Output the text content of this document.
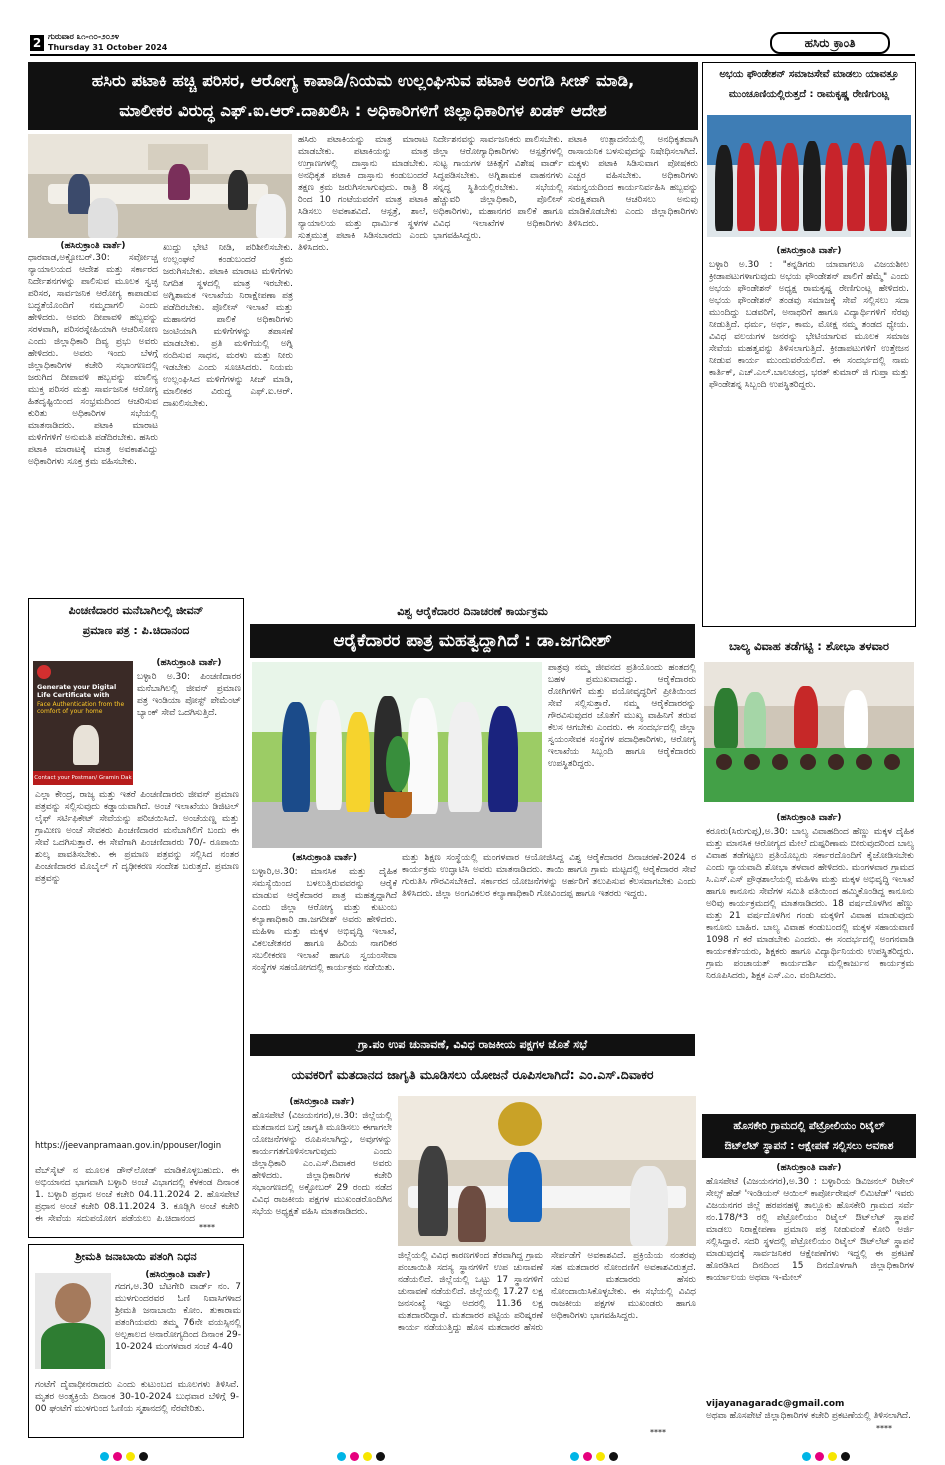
2 ಗುರುವಾರ ೩೧-೧೦-೨೦೨೪
Thursday 31 October 2024	ಹಸಿರು ಕ್ರಾಂತಿ
ಹಸಿರು ಪಟಾಕಿ ಹಚ್ಚಿ ಪರಿಸರ, ಆರೋಗ್ಯ ಕಾಪಾಡಿ/ನಿಯಮ ಉಲ್ಲಂಘಿಸುವ ಪಟಾಕಿ ಅಂಗಡಿ ಸೀಜ್ ಮಾಡಿ,
ಮಾಲೀಕರ ವಿರುದ್ಧ ಎಫ್.ಐ.ಆರ್.ದಾಖಲಿಸಿ : ಅಧಿಕಾರಿಗಳಿಗೆ ಜಿಲ್ಲಾಧಿಕಾರಿಗಳ ಖಡಕ್ ಆದೇಶ
(ಹಸಿರುಕ್ರಾಂತಿ ವಾರ್ತೆ)
ಧಾರವಾಡ,ಅಕ್ಟೋಬರ್.30: ಸರ್ವೋಚ್ಚ ನ್ಯಾಯಾಲಯದ ಆದೇಶ ಮತ್ತು ಸರ್ಕಾರದ ನಿರ್ದೇಶನಗಳನ್ನು ಪಾಲಿಸುವ ಮೂಲಕ ಸ್ವಚ್ಛ ಪರಿಸರ, ಸಾರ್ವಜನಿಕ ಆರೋಗ್ಯ ಕಾಪಾಡುವ ಬದ್ಧತೆಯೊಂದಿಗೆ ನಮ್ಮದಾಗಲಿ ಎಂದು ಹೇಳಿದರು. ಅವರು ದೀಪಾವಳಿ ಹಬ್ಬವನ್ನು ಸರಳವಾಗಿ, ಪರಿಸರಸ್ನೇಹಿಯಾಗಿ ಆಚರಿಸೋಣ ಎಂದು ಜಿಲ್ಲಾಧಿಕಾರಿ ದಿವ್ಯ ಪ್ರಭು ಅವರು ಹೇಳಿದರು. ಅವರು ಇಂದು ಬೆಳಗ್ಗೆ ಜಿಲ್ಲಾಧಿಕಾರಿಗಳ ಕಚೇರಿ ಸಭಾಂಗಣದಲ್ಲಿ ಜರುಗಿದ ದೀಪಾವಳಿ ಹಬ್ಬವನ್ನು ಮಾಲಿನ್ಯ ಮುಕ್ತ ಪರಿಸರ ಮತ್ತು ಸಾರ್ವಜನಿಕ ಆರೋಗ್ಯ ಹಿತದೃಷ್ಟಿಯಿಂದ ಸಂಭ್ರಮದಿಂದ ಆಚರಿಸುವ ಕುರಿತು ಅಧಿಕಾರಿಗಳ ಸಭೆಯಲ್ಲಿ ಮಾತನಾಡಿದರು. ಪಟಾಕಿ ಮಾರಾಟ ಮಳಿಗೆಗಳಿಗೆ ಅನುಮತಿ ಪಡೆದಿರಬೇಕು. ಹಸಿರು ಪಟಾಕಿ ಮಾರಾಟಕ್ಕೆ ಮಾತ್ರ ಅವಕಾಶವಿದ್ದು ಅಧಿಕಾರಿಗಳು ಸೂಕ್ತ ಕ್ರಮ ವಹಿಸಬೇಕು.
ಖುದ್ದು ಭೇಟಿ ನೀಡಿ, ಪರಿಶೀಲಿಸಬೇಕು. ಉಲ್ಲಂಘನೆ ಕಂಡುಬಂದರೆ ಕ್ರಮ ಜರುಗಿಸಬೇಕು. ಪಟಾಕಿ ಮಾರಾಟ ಮಳಿಗೆಗಳು ನಿಗದಿತ ಸ್ಥಳದಲ್ಲಿ ಮಾತ್ರ ಇರಬೇಕು. ಅಗ್ನಿಶಾಮಕ ಇಲಾಖೆಯ ನಿರಾಕ್ಷೇಪಣಾ ಪತ್ರ ಪಡೆದಿರಬೇಕು. ಪೊಲೀಸ್ ಇಲಾಖೆ ಮತ್ತು ಮಹಾನಗರ ಪಾಲಿಕೆ ಅಧಿಕಾರಿಗಳು ಜಂಟಿಯಾಗಿ ಮಳಿಗೆಗಳನ್ನು ತಪಾಸಣೆ ಮಾಡಬೇಕು. ಪ್ರತಿ ಮಳಿಗೆಯಲ್ಲಿ ಅಗ್ನಿ ನಂದಿಸುವ ಸಾಧನ, ಮರಳು ಮತ್ತು ನೀರು ಇಡಬೇಕು ಎಂದು ಸೂಚಿಸಿದರು. ನಿಯಮ ಉಲ್ಲಂಘಿಸಿದ ಮಳಿಗೆಗಳನ್ನು ಸೀಜ್ ಮಾಡಿ, ಮಾಲೀಕರ ವಿರುದ್ಧ ಎಫ್.ಐ.ಆರ್. ದಾಖಲಿಸಬೇಕು.
ಹಸಿರು ಪಟಾಕಿಯನ್ನು ಮಾತ್ರ ಮಾರಾಟ ಮಾಡಬೇಕು. ಪಟಾಕಿಯನ್ನು ಮಾತ್ರ ಉಗ್ರಾಣಗಳಲ್ಲಿ ದಾಸ್ತಾನು ಮಾಡಬೇಕು. ಅನಧಿಕೃತ ಪಟಾಕಿ ದಾಸ್ತಾನು ಕಂಡುಬಂದರೆ ತಕ್ಷಣ ಕ್ರಮ ಜರುಗಿಸಲಾಗುವುದು. ರಾತ್ರಿ 8 ರಿಂದ 10 ಗಂಟೆಯವರೆಗೆ ಮಾತ್ರ ಪಟಾಕಿ ಸಿಡಿಸಲು ಅವಕಾಶವಿದೆ. ಆಸ್ಪತ್ರೆ, ಶಾಲೆ, ನ್ಯಾಯಾಲಯ ಮತ್ತು ಧಾರ್ಮಿಕ ಸ್ಥಳಗಳ ಸುತ್ತಮುತ್ತ ಪಟಾಕಿ ಸಿಡಿಸಬಾರದು ಎಂದು ತಿಳಿಸಿದರು.
ನಿರ್ದೇಶನವನ್ನು ಸಾರ್ವಜನಿಕರು ಪಾಲಿಸಬೇಕು. ಜಿಲ್ಲಾ ಆರೋಗ್ಯಾಧಿಕಾರಿಗಳು ಆಸ್ಪತ್ರೆಗಳಲ್ಲಿ ಸುಟ್ಟ ಗಾಯಗಳ ಚಿಕಿತ್ಸೆಗೆ ವಿಶೇಷ ವಾರ್ಡ್ ಸಿದ್ಧಪಡಿಸಬೇಕು. ಅಗ್ನಿಶಾಮಕ ವಾಹನಗಳು ಸನ್ನದ್ಧ ಸ್ಥಿತಿಯಲ್ಲಿರಬೇಕು. ಸಭೆಯಲ್ಲಿ ಹೆಚ್ಚುವರಿ ಜಿಲ್ಲಾಧಿಕಾರಿ, ಪೊಲೀಸ್ ಅಧಿಕಾರಿಗಳು, ಮಹಾನಗರ ಪಾಲಿಕೆ ಹಾಗೂ ವಿವಿಧ ಇಲಾಖೆಗಳ ಅಧಿಕಾರಿಗಳು ಭಾಗವಹಿಸಿದ್ದರು.
ಪಟಾಕಿ ಉತ್ಪಾದನೆಯಲ್ಲಿ ಅನಧಿಕೃತವಾಗಿ ರಾಸಾಯನಿಕ ಬಳಸುವುದನ್ನು ನಿಷೇಧಿಸಲಾಗಿದೆ. ಮಕ್ಕಳು ಪಟಾಕಿ ಸಿಡಿಸುವಾಗ ಪೋಷಕರು ಎಚ್ಚರ ವಹಿಸಬೇಕು. ಅಧಿಕಾರಿಗಳು ಸಮನ್ವಯದಿಂದ ಕಾರ್ಯನಿರ್ವಹಿಸಿ ಹಬ್ಬವನ್ನು ಸುರಕ್ಷಿತವಾಗಿ ಆಚರಿಸಲು ಅನುವು ಮಾಡಿಕೊಡಬೇಕು ಎಂದು ಜಿಲ್ಲಾಧಿಕಾರಿಗಳು ತಿಳಿಸಿದರು.
ಅಭಯ ಫೌಂಡೇಶನ್ ಸಮಾಜಸೇವೆ ಮಾಡಲು ಯಾವತ್ತೂ
ಮುಂಚೂಣಿಯಲ್ಲಿರುತ್ತದೆ : ರಾಮಕೃಷ್ಣ ರೇಣಿಗುಂಟ್ಲ
(ಹಸಿರುಕ್ರಾಂತಿ ವಾರ್ತೆ)
ಬಳ್ಳಾರಿ ಅ.30 : "ಕನ್ನಡಿಗರು ಯಾವಾಗಲೂ ವಿಜಯಶೀಲ ಕ್ರೀಡಾಪಟುಗಳಾಗುವುದು ಅಭಯ ಫೌಂಡೇಶನ್ ಪಾಲಿಗೆ ಹೆಮ್ಮೆ" ಎಂದು ಅಭಯ ಫೌಂಡೇಶನ್ ಅಧ್ಯಕ್ಷ ರಾಮಕೃಷ್ಣ ರೇಣಿಗುಂಟ್ಲ ಹೇಳಿದರು. ಅಭಯ ಫೌಂಡೇಶನ್ ತಂಡವು ಸಮಾಜಕ್ಕೆ ಸೇವೆ ಸಲ್ಲಿಸಲು ಸದಾ ಮುಂದಿದ್ದು ಬಡವರಿಗೆ, ಅನಾಥರಿಗೆ ಹಾಗೂ ವಿದ್ಯಾರ್ಥಿಗಳಿಗೆ ನೆರವು ನೀಡುತ್ತಿದೆ. ಧರ್ಮ, ಅರ್ಥ, ಕಾಮ, ಮೋಕ್ಷ ನಮ್ಮ ತಂಡದ ಧ್ಯೇಯ. ವಿವಿಧ ವಲಯಗಳ ಜನರನ್ನು ಭೇಟಿಯಾಗುವ ಮೂಲಕ ಸಮಾಜ ಸೇವೆಯ ಮಹತ್ವವನ್ನು ತಿಳಿಸಲಾಗುತ್ತಿದೆ. ಕ್ರೀಡಾಪಟುಗಳಿಗೆ ಉತ್ತೇಜನ ನೀಡುವ ಕಾರ್ಯ ಮುಂದುವರೆಯಲಿದೆ. ಈ ಸಂದರ್ಭದಲ್ಲಿ ನಾಮ ಕಾರ್ತಿಕ್, ಎಚ್.ಎಲ್.ಬಾಲಚಂದ್ರ, ಭರತ್ ಕುಮಾರ್ ಜಿ ಗುಪ್ತಾ ಮತ್ತು ಫೌಂಡೇಶನ್ನ ಸಿಬ್ಬಂದಿ ಉಪಸ್ಥಿತರಿದ್ದರು.
ಪಿಂಚಣಿದಾರರ ಮನೆಬಾಗಿಲಲ್ಲಿ ಜೀವನ್
ಪ್ರಮಾಣ ಪತ್ರ : ಪಿ.ಚಿದಾನಂದ
Generate your Digital Life Certificate with
Face Authentication from the comfort of your home
Contact your Postman/ Gramin Dak
(ಹಸಿರುಕ್ರಾಂತಿ ವಾರ್ತೆ)
ಬಳ್ಳಾರಿ ಅ.30: ಪಿಂಚಣಿದಾರರ ಮನೆಬಾಗಿಲಲ್ಲಿ ಜೀವನ್ ಪ್ರಮಾಣ ಪತ್ರ ಇಂಡಿಯಾ ಪೋಸ್ಟ್ ಪೇಮೆಂಟ್ ಬ್ಯಾಂಕ್ ಸೇವೆ ಒದಗಿಸುತ್ತಿದೆ.
ಎಲ್ಲಾ ಕೇಂದ್ರ, ರಾಜ್ಯ ಮತ್ತು ಇತರೆ ಪಿಂಚಣಿದಾರರು ಜೀವನ್ ಪ್ರಮಾಣ ಪತ್ರವನ್ನು ಸಲ್ಲಿಸುವುದು ಕಡ್ಡಾಯವಾಗಿದೆ. ಅಂಚೆ ಇಲಾಖೆಯು ಡಿಜಿಟಲ್ ಲೈಫ್ ಸರ್ಟಿಫಿಕೇಟ್ ಸೇವೆಯನ್ನು ಪರಿಚಯಿಸಿದೆ. ಅಂಚೆಯಣ್ಣ ಮತ್ತು ಗ್ರಾಮೀಣ ಅಂಚೆ ಸೇವಕರು ಪಿಂಚಣಿದಾರರ ಮನೆಬಾಗಿಲಿಗೆ ಬಂದು ಈ ಸೇವೆ ಒದಗಿಸುತ್ತಾರೆ. ಈ ಸೇವೆಗಾಗಿ ಪಿಂಚಣಿದಾರರು 70/- ರೂಪಾಯಿ ಶುಲ್ಕ ಪಾವತಿಸಬೇಕು. ಈ ಪ್ರಮಾಣ ಪತ್ರವನ್ನು ಸಲ್ಲಿಸಿದ ನಂತರ ಪಿಂಚಣಿದಾರರ ಮೊಬೈಲ್ ಗೆ ದೃಢೀಕರಣ ಸಂದೇಶ ಬರುತ್ತದೆ. ಪ್ರಮಾಣ ಪತ್ರವನ್ನು
https://jeevanpramaan.gov.in/ppouser/login
ವೆಬ್‌ಸೈಟ್ ನ ಮೂಲಕ ಡೌನ್‌ಲೋಡ್ ಮಾಡಿಕೊಳ್ಳಬಹುದು. ಈ ಅಭಿಯಾನದ ಭಾಗವಾಗಿ ಬಳ್ಳಾರಿ ಅಂಚೆ ವಿಭಾಗದಲ್ಲಿ ಕೆಳಕಂಡ ದಿನಾಂಕ
1. ಬಳ್ಳಾರಿ ಪ್ರಧಾನ ಅಂಚೆ ಕಚೇರಿ 04.11.2024 2. ಹೊಸಪೇಟೆ ಪ್ರಧಾನ ಅಂಚೆ ಕಚೇರಿ 08.11.2024 3. ಕೂಡ್ಲಿಗಿ ಅಂಚೆ ಕಚೇರಿ
ಈ ಸೇವೆಯ ಸದುಪಯೋಗ ಪಡೆಯಲು ಪಿ.ಚಿದಾನಂದ
****
ಶ್ರೀಮತಿ ಜನಾಬಾಯಿ ಪತಂಗಿ ನಿಧನ
(ಹಸಿರುಕ್ರಾಂತಿ ವಾರ್ತೆ)
ಗದಗ,ಅ.30 ಬೆಟಗೇರಿ ವಾರ್ಡ್ ನಂ. 7 ಮುಳಗುಂದರವರ ಓಣಿ ನಿವಾಸಿಗಳಾದ ಶ್ರೀಮತಿ ಜನಾಬಾಯಿ ಕೋಂ. ತುಕಾರಾಮ ಪತಂಗಿಯವರು ತಮ್ಮ 76ನೇ ವಯಸ್ಸಿನಲ್ಲಿ ಅಲ್ಪಕಾಲದ ಅನಾರೋಗ್ಯದಿಂದ ದಿನಾಂಕ 29-10-2024 ಮಂಗಳವಾರ ಸಂಜೆ 4-40
ಗಂಟೆಗೆ ದೈವಾಧೀನರಾದರು ಎಂದು ಕುಟುಂಬದ ಮೂಲಗಳು ತಿಳಿಸಿವೆ. ಮೃತರ ಅಂತ್ಯಕ್ರಿಯೆ ದಿನಾಂಕ 30-10-2024 ಬುಧವಾರ ಬೆಳಿಗ್ಗೆ 9-00 ಘಂಟೆಗೆ ಮುಳಗುಂದ ಓಣಿಯ ಸ್ಮಶಾನದಲ್ಲಿ ನೆರವೇರಿತು.
ವಿಶ್ವ ಆರೈಕೆದಾರರ ದಿನಾಚರಣೆ ಕಾರ್ಯಕ್ರಮ
ಆರೈಕೆದಾರರ ಪಾತ್ರ ಮಹತ್ವದ್ದಾಗಿದೆ : ಡಾ.ಜಗದೀಶ್
ಪಾತ್ರವು ನಮ್ಮ ಜೀವನದ ಪ್ರತಿಯೊಂದು ಹಂತದಲ್ಲಿ ಬಹಳ ಪ್ರಮುಖವಾದದ್ದು. ಆರೈಕೆದಾರರು ರೋಗಿಗಳಿಗೆ ಮತ್ತು ವಯೋವೃದ್ಧರಿಗೆ ಪ್ರೀತಿಯಿಂದ ಸೇವೆ ಸಲ್ಲಿಸುತ್ತಾರೆ. ನಮ್ಮ ಆರೈಕೆದಾರರನ್ನು ಗೌರವಿಸುವುದರ ಜೊತೆಗೆ ಮುಖ್ಯ ವಾಹಿನಿಗೆ ತರುವ ಕೆಲಸ ಆಗಬೇಕು ಎಂದರು. ಈ ಸಂದರ್ಭದಲ್ಲಿ ಜಿಲ್ಲಾ ಸ್ವಯಂಸೇವಕ ಸಂಸ್ಥೆಗಳ ಪದಾಧಿಕಾರಿಗಳು, ಆರೋಗ್ಯ ಇಲಾಖೆಯ ಸಿಬ್ಬಂದಿ ಹಾಗೂ ಆರೈಕೆದಾರರು ಉಪಸ್ಥಿತರಿದ್ದರು.
(ಹಸಿರುಕ್ರಾಂತಿ ವಾರ್ತೆ)
ಬಳ್ಳಾರಿ,ಅ.30: ಮಾನಸಿಕ ಮತ್ತು ದೈಹಿಕ ಸಮಸ್ಯೆಯಿಂದ ಬಳಲುತ್ತಿರುವವರನ್ನು ಆರೈಕೆ ಮಾಡುವ ಆರೈಕೆದಾರರ ಪಾತ್ರ ಮಹತ್ವದ್ದಾಗಿದೆ ಎಂದು ಜಿಲ್ಲಾ ಆರೋಗ್ಯ ಮತ್ತು ಕುಟುಂಬ ಕಲ್ಯಾಣಾಧಿಕಾರಿ ಡಾ.ಜಗದೀಶ್ ಅವರು ಹೇಳಿದರು. ಮಹಿಳಾ ಮತ್ತು ಮಕ್ಕಳ ಅಭಿವೃದ್ಧಿ ಇಲಾಖೆ, ವಿಕಲಚೇತನರ ಹಾಗೂ ಹಿರಿಯ ನಾಗರಿಕರ ಸಬಲೀಕರಣ ಇಲಾಖೆ ಹಾಗೂ ಸ್ವಯಂಸೇವಾ ಸಂಸ್ಥೆಗಳ ಸಹಯೋಗದಲ್ಲಿ ಕಾರ್ಯಕ್ರಮ ನಡೆಯಿತು.
ಮತ್ತು ಶಿಕ್ಷಣ ಸಂಸ್ಥೆಯಲ್ಲಿ ಮಂಗಳವಾರ ಆಯೋಜಿಸಿದ್ದ ವಿಶ್ವ ಆರೈಕೆದಾರರ ದಿನಾಚರಣೆ-2024 ರ ಕಾರ್ಯಕ್ರಮ ಉದ್ಘಾಟಿಸಿ ಅವರು ಮಾತನಾಡಿದರು. ತಾಯಿ ಹಾಗೂ ಗ್ರಾಮ ಮಟ್ಟದಲ್ಲಿ ಆರೈಕೆದಾರರ ಸೇವೆ ಗುರುತಿಸಿ ಗೌರವಿಸಬೇಕಿದೆ. ಸರ್ಕಾರದ ಯೋಜನೆಗಳನ್ನು ಅರ್ಹರಿಗೆ ತಲುಪಿಸುವ ಕೆಲಸವಾಗಬೇಕು ಎಂದು ತಿಳಿಸಿದರು. ಜಿಲ್ಲಾ ಅಂಗವಿಕಲರ ಕಲ್ಯಾಣಾಧಿಕಾರಿ ಗೋವಿಂದಪ್ಪ ಹಾಗೂ ಇತರರು ಇದ್ದರು.
ಗ್ರಾ.ಪಂ ಉಪ ಚುನಾವಣೆ, ವಿವಿಧ ರಾಜಕೀಯ ಪಕ್ಷಗಳ ಜೊತೆ ಸಭೆ
ಯವಕರಿಗೆ ಮತದಾನದ ಜಾಗೃತಿ ಮೂಡಿಸಲು ಯೋಜನೆ ರೂಪಿಸಲಾಗಿದೆ: ಎಂ.ಎಸ್.ದಿವಾಕರ
(ಹಸಿರುಕ್ರಾಂತಿ ವಾರ್ತೆ)
ಹೊಸಪೇಟೆ (ವಿಜಯನಗರ),ಅ.30: ಜಿಲ್ಲೆಯಲ್ಲಿ ಮತದಾನದ ಬಗ್ಗೆ ಜಾಗೃತಿ ಮೂಡಿಸಲು ಈಗಾಗಲೇ ಯೋಜನೆಗಳನ್ನು ರೂಪಿಸಲಾಗಿದ್ದು, ಅವುಗಳನ್ನು ಕಾರ್ಯಗತಗೊಳಿಸಲಾಗುವುದು ಎಂದು ಜಿಲ್ಲಾಧಿಕಾರಿ ಎಂ.ಎಸ್.ದಿವಾಕರ ಅವರು ಹೇಳಿದರು. ಜಿಲ್ಲಾಧಿಕಾರಿಗಳ ಕಚೇರಿ ಸಭಾಂಗಣದಲ್ಲಿ ಅಕ್ಟೋಬರ್ 29 ರಂದು ನಡೆದ ವಿವಿಧ ರಾಜಕೀಯ ಪಕ್ಷಗಳ ಮುಖಂಡರೊಂದಿಗಿನ ಸಭೆಯ ಅಧ್ಯಕ್ಷತೆ ವಹಿಸಿ ಮಾತನಾಡಿದರು.
ಜಿಲ್ಲೆಯಲ್ಲಿ ವಿವಿಧ ಕಾರಣಗಳಿಂದ ತೆರವಾಗಿದ್ದ ಗ್ರಾಮ ಪಂಚಾಯಿತಿ ಸದಸ್ಯ ಸ್ಥಾನಗಳಿಗೆ ಉಪ ಚುನಾವಣೆ ನಡೆಯಲಿದೆ. ಜಿಲ್ಲೆಯಲ್ಲಿ ಒಟ್ಟು 17 ಸ್ಥಾನಗಳಿಗೆ ಚುನಾವಣೆ ನಡೆಯಲಿದೆ. ಜಿಲ್ಲೆಯಲ್ಲಿ 17.27 ಲಕ್ಷ ಜನಸಂಖ್ಯೆ ಇದ್ದು ಅದರಲ್ಲಿ 11.36 ಲಕ್ಷ ಮತದಾರರಿದ್ದಾರೆ. ಮತದಾರರ ಪಟ್ಟಿಯ ಪರಿಷ್ಕರಣೆ ಕಾರ್ಯ ನಡೆಯುತ್ತಿದ್ದು ಹೊಸ ಮತದಾರರ ಹೆಸರು ಸೇರ್ಪಡೆಗೆ ಅವಕಾಶವಿದೆ. ಪ್ರಕ್ರಿಯೆಯ ನಂತರವು ಸಹ ಮತದಾರರ ನೋಂದಣಿಗೆ ಅವಕಾಶವಿರುತ್ತದೆ. ಯುವ ಮತದಾರರು ಹೆಸರು ನೋಂದಾಯಿಸಿಕೊಳ್ಳಬೇಕು. ಈ ಸಭೆಯಲ್ಲಿ ವಿವಿಧ ರಾಜಕೀಯ ಪಕ್ಷಗಳ ಮುಖಂಡರು ಹಾಗೂ ಅಧಿಕಾರಿಗಳು ಭಾಗವಹಿಸಿದ್ದರು.
****
ಬಾಲ್ಯ ವಿವಾಹ ತಡೆಗಟ್ಟಿ : ಶೋಭಾ ತಳವಾರ
(ಹಸಿರುಕ್ರಾಂತಿ ವಾರ್ತೆ)
ಕರೂರು(ಸಿರುಗುಪ್ಪ),ಅ.30: ಬಾಲ್ಯ ವಿವಾಹದಿಂದ ಹೆಣ್ಣು ಮಕ್ಕಳ ದೈಹಿಕ ಮತ್ತು ಮಾನಸಿಕ ಆರೋಗ್ಯದ ಮೇಲೆ ದುಷ್ಪರಿಣಾಮ ಬೀರುವುದರಿಂದ ಬಾಲ್ಯ ವಿವಾಹ ತಡೆಗಟ್ಟಲು ಪ್ರತಿಯೊಬ್ಬರು ಸರ್ಕಾರದೊಂದಿಗೆ ಕೈಜೋಡಿಸಬೇಕು ಎಂದು ನ್ಯಾಯವಾದಿ ಶೋಭಾ ತಳವಾರ ಹೇಳಿದರು. ಮಂಗಳವಾರ ಗ್ರಾಮದ ಸಿ.ಎಸ್.ಎಸ್ ಪ್ರೌಢಶಾಲೆಯಲ್ಲಿ ಮಹಿಳಾ ಮತ್ತು ಮಕ್ಕಳ ಅಭಿವೃದ್ಧಿ ಇಲಾಖೆ ಹಾಗೂ ಕಾನೂನು ಸೇವೆಗಳ ಸಮಿತಿ ವತಿಯಿಂದ ಹಮ್ಮಿಕೊಂಡಿದ್ದ ಕಾನೂನು ಅರಿವು ಕಾರ್ಯಕ್ರಮದಲ್ಲಿ ಮಾತನಾಡಿದರು. 18 ವರ್ಷದೊಳಗಿನ ಹೆಣ್ಣು ಮತ್ತು 21 ವರ್ಷದೊಳಗಿನ ಗಂಡು ಮಕ್ಕಳಿಗೆ ವಿವಾಹ ಮಾಡುವುದು ಕಾನೂನು ಬಾಹಿರ. ಬಾಲ್ಯ ವಿವಾಹ ಕಂಡುಬಂದಲ್ಲಿ ಮಕ್ಕಳ ಸಹಾಯವಾಣಿ 1098 ಗೆ ಕರೆ ಮಾಡಬೇಕು ಎಂದರು. ಈ ಸಂದರ್ಭದಲ್ಲಿ ಅಂಗನವಾಡಿ ಕಾರ್ಯಕರ್ತೆಯರು, ಶಿಕ್ಷಕರು ಹಾಗೂ ವಿದ್ಯಾರ್ಥಿನಿಯರು ಉಪಸ್ಥಿತರಿದ್ದರು. ಗ್ರಾಮ ಪಂಚಾಯತ್ ಕಾರ್ಯದರ್ಶಿ ಮಲ್ಲಿಕಾರ್ಜುನ ಕಾರ್ಯಕ್ರಮ ನಿರೂಪಿಸಿದರು, ಶಿಕ್ಷಕ ಎಸ್.ಎಂ. ವಂದಿಸಿದರು.
ಹೊಸಕೇರಿ ಗ್ರಾಮದಲ್ಲಿ ಪೆಟ್ರೋಲಿಯಂ ರಿಟೈಲ್
ಔಟ್‌ಲೆಟ್ ಸ್ಥಾಪನೆ : ಆಕ್ಷೇಪಣೆ ಸಲ್ಲಿಸಲು ಅವಕಾಶ
(ಹಸಿರುಕ್ರಾಂತಿ ವಾರ್ತೆ)
ಹೊಸಪೇಟೆ (ವಿಜಯನಗರ),ಅ.30 : ಬಳ್ಳಾರಿಯ ಡಿವಿಜನಲ್ ರಿಟೇಲ್ ಸೇಲ್ಸ್ ಹೆಡ್ 'ಇಂಡಿಯನ್ ಆಯಿಲ್ ಕಾರ್ಪೋರೇಷನ್ ಲಿಮಿಟೆಡ್' ಇವರು ವಿಜಯನಗರ ಜಿಲ್ಲೆ ಹರಪನಹಳ್ಳಿ ತಾಲ್ಲೂಕು ಹೊಸಕೇರಿ ಗ್ರಾಮದ ಸರ್ವೆ ನಂ.178/*3 ರಲ್ಲಿ ಪೆಟ್ರೋಲಿಯಂ ರಿಟೈಲ್ ಔಟ್‌ಲೆಟ್ ಸ್ಥಾಪನೆ ಮಾಡಲು ನಿರಾಕ್ಷೇಪಣಾ ಪ್ರಮಾಣ ಪತ್ರ ನೀಡುವಂತೆ ಕೋರಿ ಅರ್ಜಿ ಸಲ್ಲಿಸಿದ್ದಾರೆ. ಸದರಿ ಸ್ಥಳದಲ್ಲಿ ಪೆಟ್ರೋಲಿಯಂ ರಿಟೈಲ್ ಔಟ್‌ಲೆಟ್ ಸ್ಥಾಪನೆ ಮಾಡುವುದಕ್ಕೆ ಸಾರ್ವಜನಿಕರ ಆಕ್ಷೇಪಣೆಗಳು ಇದ್ದಲ್ಲಿ ಈ ಪ್ರಕಟಣೆ ಹೊರಡಿಸಿದ ದಿನದಿಂದ 15 ದಿನದೊಳಗಾಗಿ ಜಿಲ್ಲಾಧಿಕಾರಿಗಳ ಕಾರ್ಯಾಲಯ ಅಥವಾ ಇ-ಮೇಲ್
vijayanagaradc@gmail.com
ಅಥವಾ ಹೊಸಪೇಟೆ ಜಿಲ್ಲಾಧಿಕಾರಿಗಳ ಕಚೇರಿ ಪ್ರಕಟಣೆಯಲ್ಲಿ ತಿಳಿಸಲಾಗಿದೆ.
****
